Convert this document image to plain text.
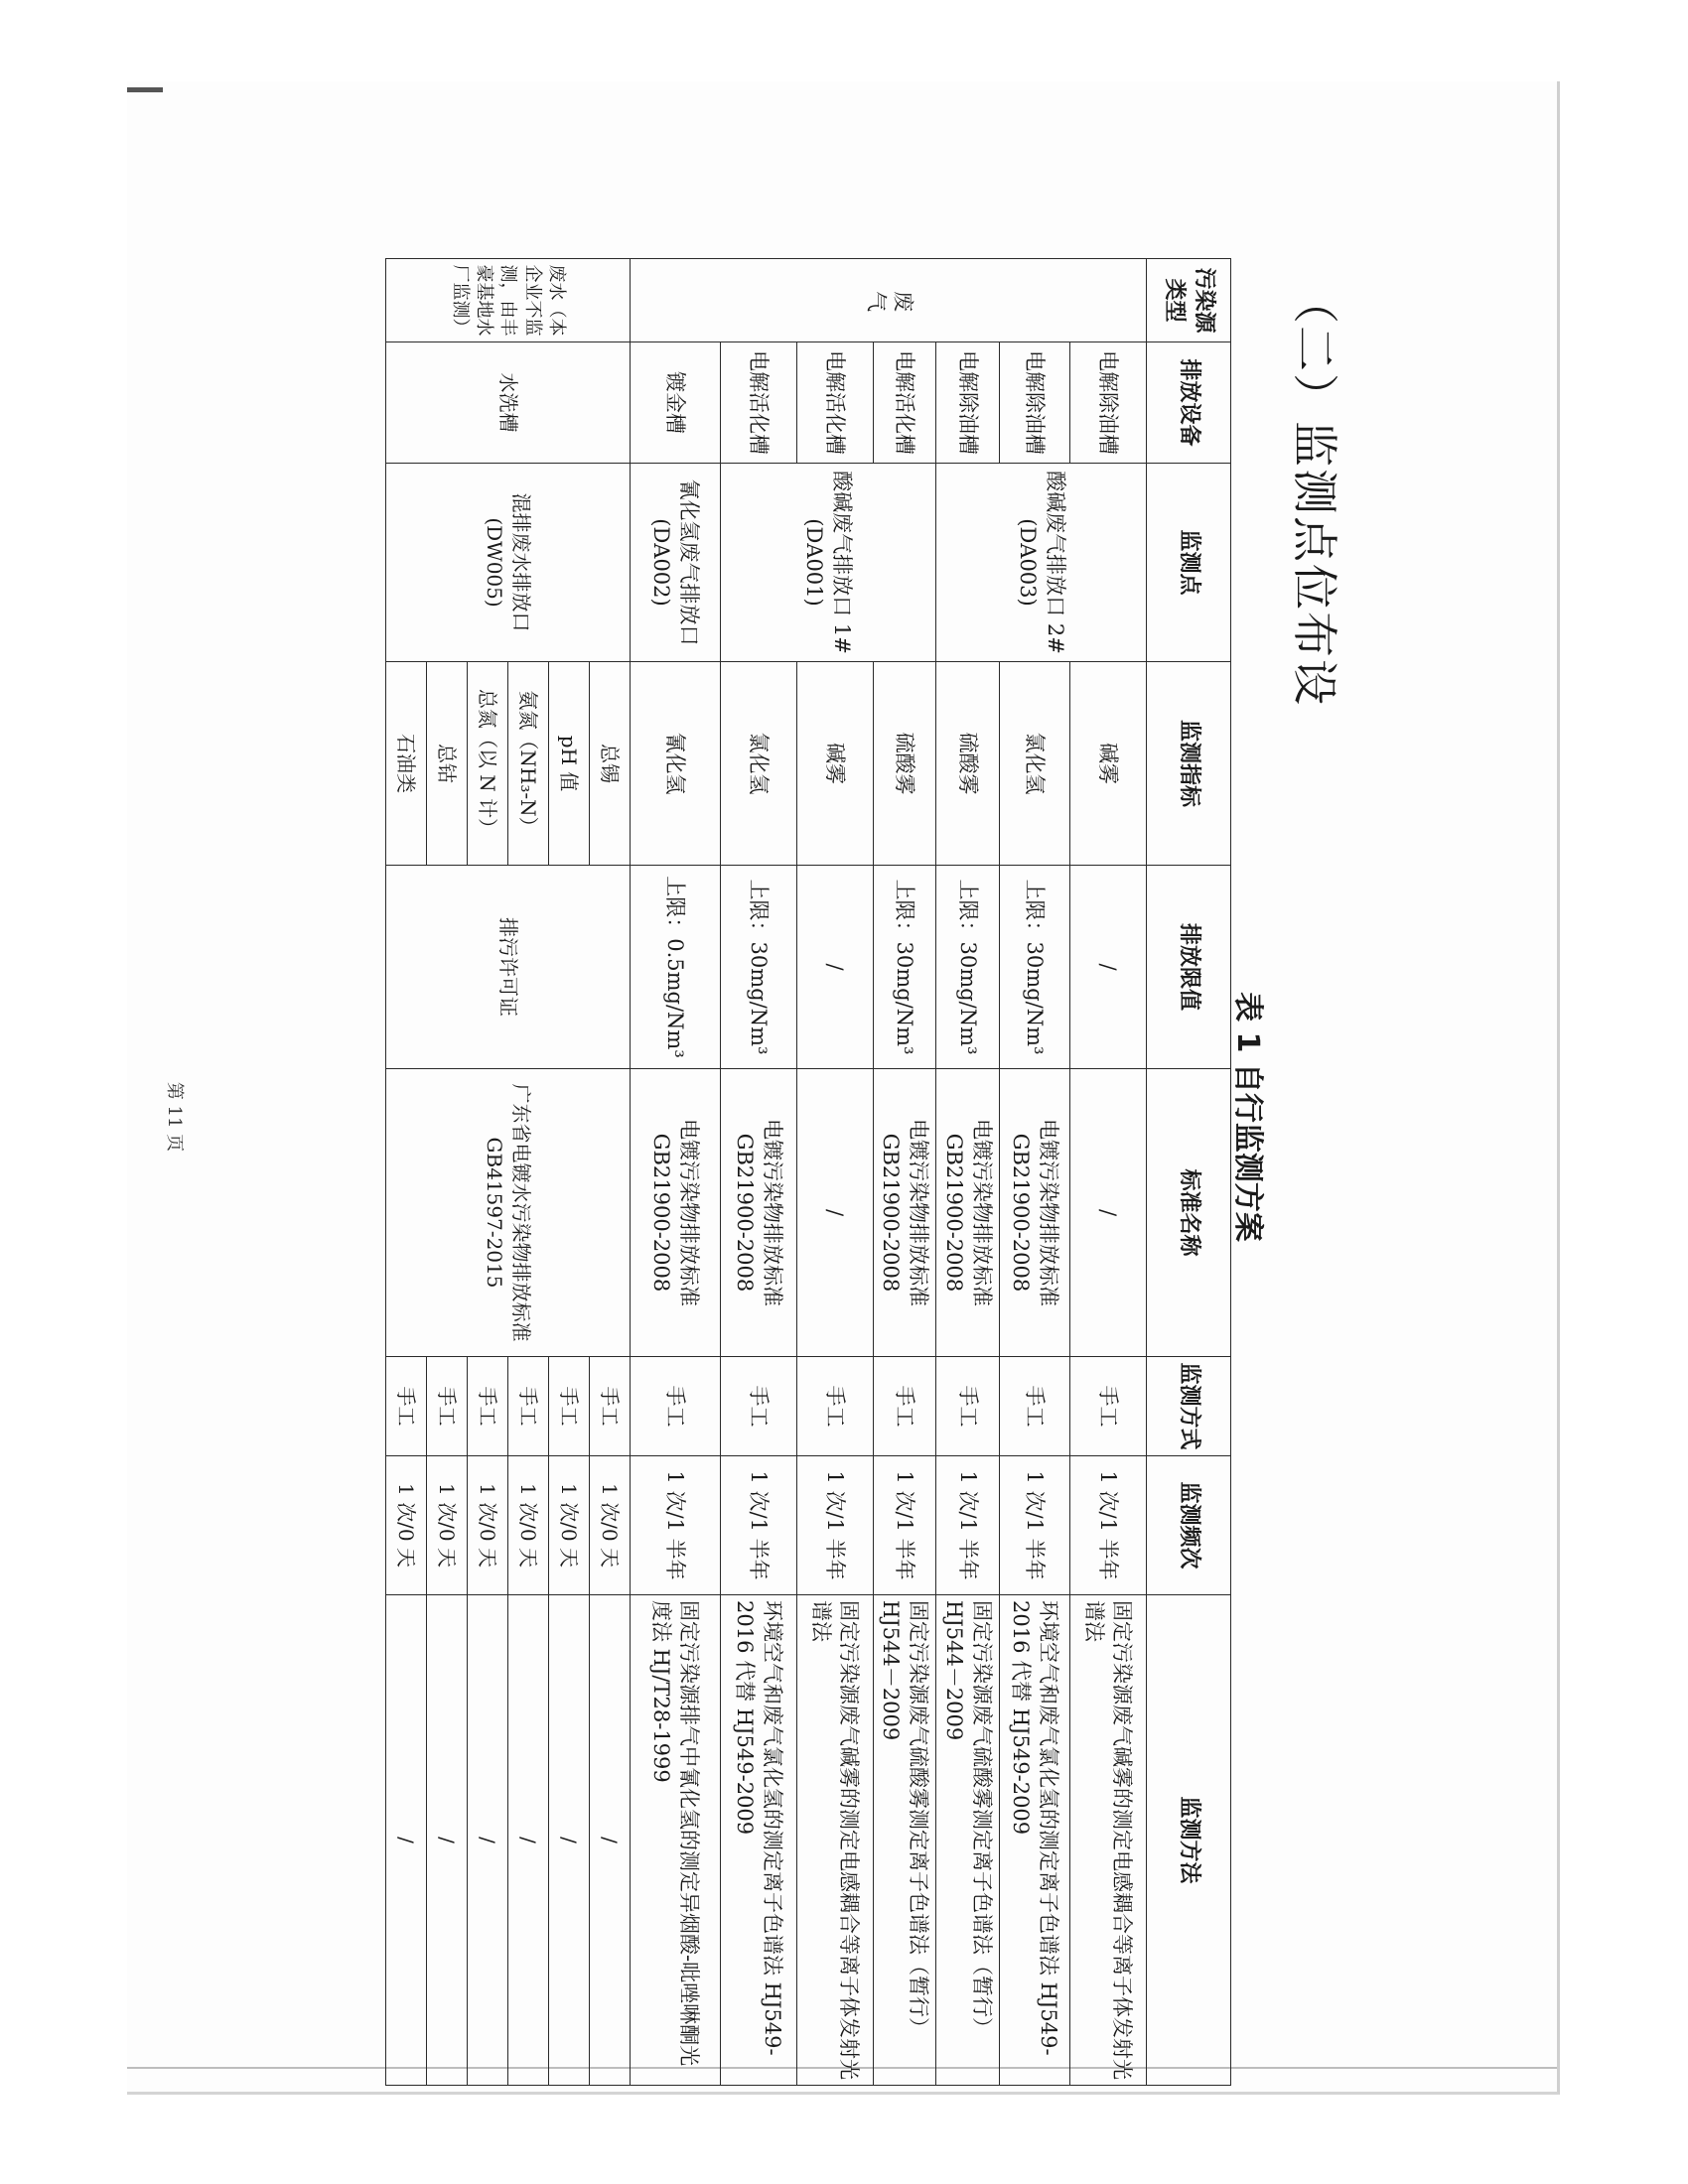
（二）监测点位布设
表 1 自行监测方案
污染源类型	排放设备	监测点	监测指标	排放限值	标准名称	监测方式	监测频次	监测方法

废气	电解除油槽	酸碱废气排放口 2#(DA003)	碱雾	/	/	手工	1 次/1 半年	固定污染源废气碱雾的测定电感耦合等离子体发射光谱法
	电解除油槽		氯化氢	上限：30mg/Nm³	电镀污染物排放标准 GB21900-2008	手工	1 次/1 半年	环境空气和废气氯化氢的测定离子色谱法 HJ549-2016 代替 HJ549-2009
	电解除油槽		硫酸雾	上限：30mg/Nm³	电镀污染物排放标准 GB21900-2008	手工	1 次/1 半年	固定污染源废气硫酸雾测定离子色谱法（暂行）HJ544－2009
	电解活化槽	酸碱废气排放口 1#(DA001)	硫酸雾	上限：30mg/Nm³	电镀污染物排放标准 GB21900-2008	手工	1 次/1 半年	固定污染源废气硫酸雾测定离子色谱法（暂行）HJ544－2009
	电解活化槽		碱雾	/	/	手工	1 次/1 半年	固定污染源废气碱雾的测定电感耦合等离子体发射光谱法
	电解活化槽		氯化氢	上限：30mg/Nm³	电镀污染物排放标准 GB21900-2008	手工	1 次/1 半年	环境空气和废气氯化氢的测定离子色谱法 HJ549-2016 代替 HJ549-2009
	镀金槽	氰化氢废气排放口(DA002)	氰化氢	上限：0.5mg/Nm³	电镀污染物排放标准 GB21900-2008	手工	1 次/1 半年	固定污染源排气中氰化氢的测定异烟酸-吡唑啉酮光度法 HJ/T28-1999
废水（本企业不监测，由丰豪基地水厂监测）	水洗槽	混排废水排放口(DW005)	总锡	排污许可证	广东省电镀水污染物排放标准 GB41597-2015	手工	1 次/0 天	/
			pH 值			手工	1 次/0 天	/
			氨氮（NH₃-N）			手工	1 次/0 天	/
			总氮（以 N 计）			手工	1 次/0 天	/
			总钴			手工	1 次/0 天	/
			石油类			手工	1 次/0 天	/
第 11 页
